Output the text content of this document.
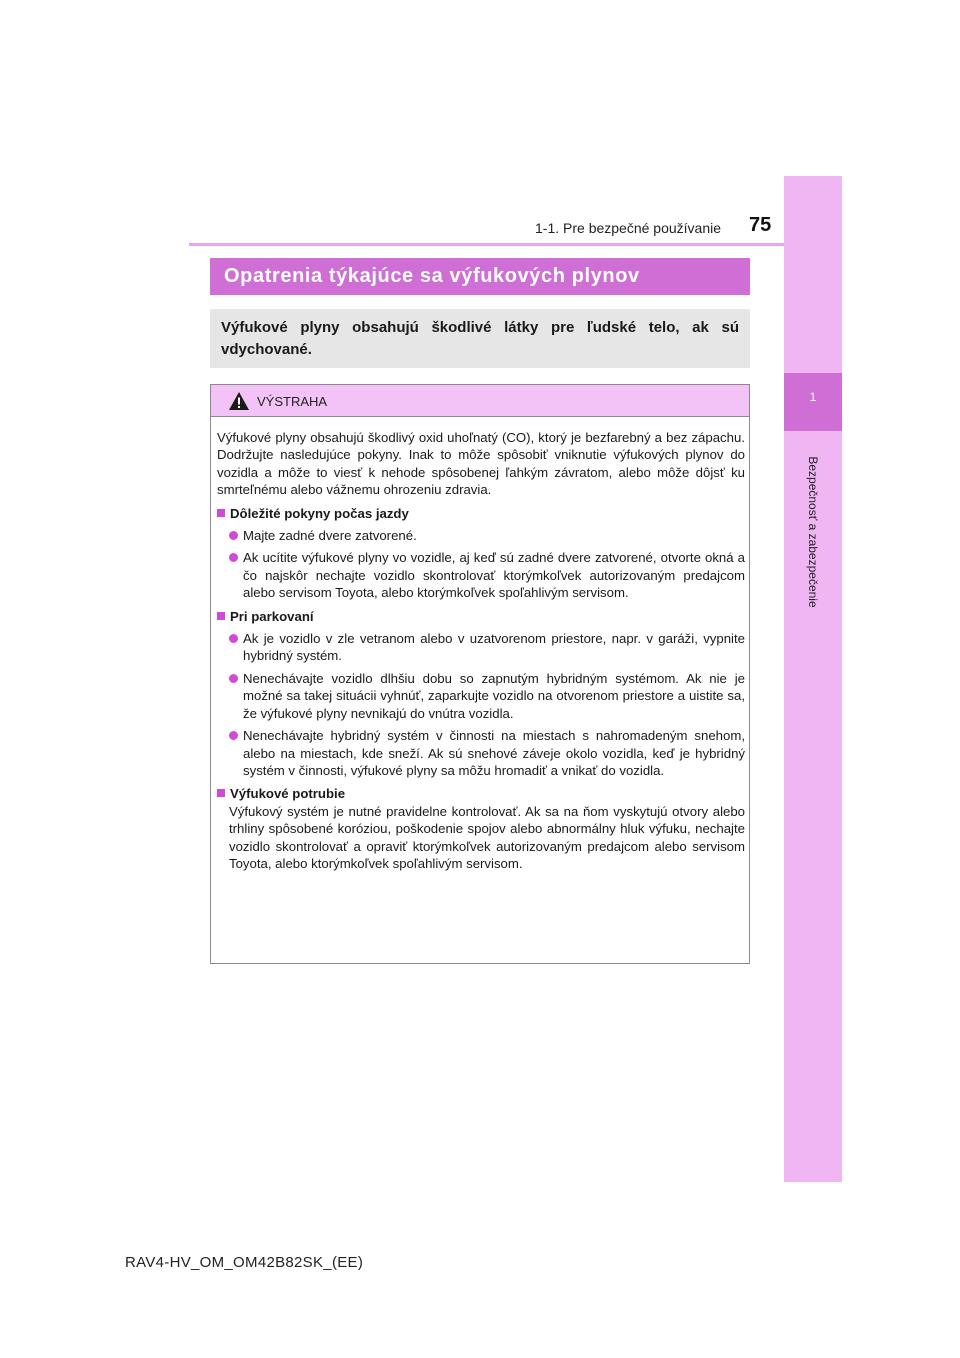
1-1. Pre bezpečné používanie 75
1
Bezpečnosť a zabezpečenie
Opatrenia týkajúce sa výfukových plynov
Výfukové plyny obsahujú škodlivé látky pre ľudské telo, ak sú vdychované.
VÝSTRAHA
Výfukové plyny obsahujú škodlivý oxid uhoľnatý (CO), ktorý je bezfarebný a bez zápachu. Dodržujte nasledujúce pokyny. Inak to môže spôsobiť vniknutie výfukových plynov do vozidla a môže to viesť k nehode spôsobenej ľahkým závratom, alebo môže dôjsť ku smrteľnému alebo vážnemu ohrozeniu zdravia.
Dôležité pokyny počas jazdy
Majte zadné dvere zatvorené.
Ak ucítite výfukové plyny vo vozidle, aj keď sú zadné dvere zatvorené, otvorte okná a čo najskôr nechajte vozidlo skontrolovať ktorýmkoľvek autorizovaným predajcom alebo servisom Toyota, alebo ktorýmkoľvek spoľahlivým servisom.
Pri parkovaní
Ak je vozidlo v zle vetranom alebo v uzatvorenom priestore, napr. v garáži, vypnite hybridný systém.
Nenechávajte vozidlo dlhšiu dobu so zapnutým hybridným systémom. Ak nie je možné sa takej situácii vyhnúť, zaparkujte vozidlo na otvorenom priestore a uistite sa, že výfukové plyny nevnikajú do vnútra vozidla.
Nenechávajte hybridný systém v činnosti na miestach s nahromadeným snehom, alebo na miestach, kde sneží. Ak sú snehové záveje okolo vozidla, keď je hybridný systém v činnosti, výfukové plyny sa môžu hromadiť a vnikať do vozidla.
Výfukové potrubie
Výfukový systém je nutné pravidelne kontrolovať. Ak sa na ňom vyskytujú otvory alebo trhliny spôsobené koróziou, poškodenie spojov alebo abnormálny hluk výfuku, nechajte vozidlo skontrolovať a opraviť ktorýmkoľvek autorizovaným predajcom alebo servisom Toyota, alebo ktorýmkoľvek spoľahlivým servisom.
RAV4-HV_OM_OM42B82SK_(EE)
